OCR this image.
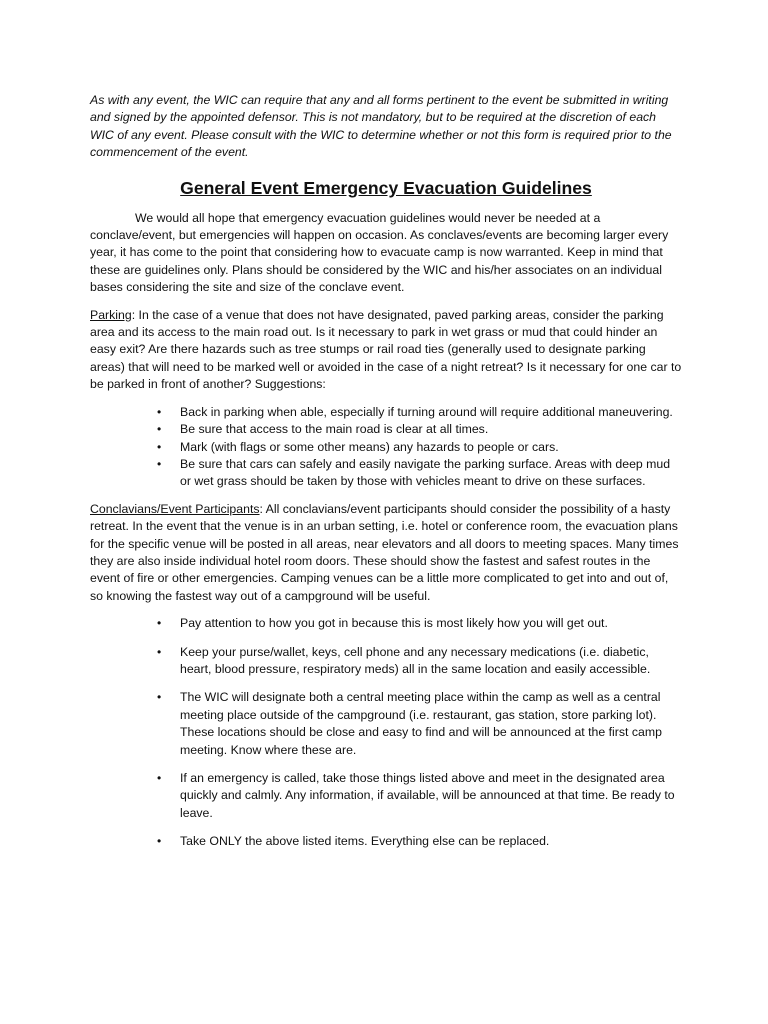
As with any event, the WIC can require that any and all forms pertinent to the event be submitted in writing and signed by the appointed defensor. This is not mandatory, but to be required at the discretion of each WIC of any event. Please consult with the WIC to determine whether or not this form is required prior to the commencement of the event.

General Event Emergency Evacuation Guidelines

We would all hope that emergency evacuation guidelines would never be needed at a conclave/event, but emergencies will happen on occasion. As conclaves/events are becoming larger every year, it has come to the point that considering how to evacuate camp is now warranted. Keep in mind that these are guidelines only. Plans should be considered by the WIC and his/her associates on an individual bases considering the site and size of the conclave event.

Parking: In the case of a venue that does not have designated, paved parking areas, consider the parking area and its access to the main road out. Is it necessary to park in wet grass or mud that could hinder an easy exit? Are there hazards such as tree stumps or rail road ties (generally used to designate parking areas) that will need to be marked well or avoided in the case of a night retreat? Is it necessary for one car to be parked in front of another? Suggestions:

• Back in parking when able, especially if turning around will require additional maneuvering.
• Be sure that access to the main road is clear at all times.
• Mark (with flags or some other means) any hazards to people or cars.
• Be sure that cars can safely and easily navigate the parking surface. Areas with deep mud or wet grass should be taken by those with vehicles meant to drive on these surfaces.

Conclavians/Event Participants: All conclavians/event participants should consider the possibility of a hasty retreat. In the event that the venue is in an urban setting, i.e. hotel or conference room, the evacuation plans for the specific venue will be posted in all areas, near elevators and all doors to meeting spaces. Many times they are also inside individual hotel room doors. These should show the fastest and safest routes in the event of fire or other emergencies. Camping venues can be a little more complicated to get into and out of, so knowing the fastest way out of a campground will be useful.

• Pay attention to how you got in because this is most likely how you will get out.
• Keep your purse/wallet, keys, cell phone and any necessary medications (i.e. diabetic, heart, blood pressure, respiratory meds) all in the same location and easily accessible.
• The WIC will designate both a central meeting place within the camp as well as a central meeting place outside of the campground (i.e. restaurant, gas station, store parking lot). These locations should be close and easy to find and will be announced at the first camp meeting. Know where these are.
• If an emergency is called, take those things listed above and meet in the designated area quickly and calmly. Any information, if available, will be announced at that time. Be ready to leave.
• Take ONLY the above listed items. Everything else can be replaced.
